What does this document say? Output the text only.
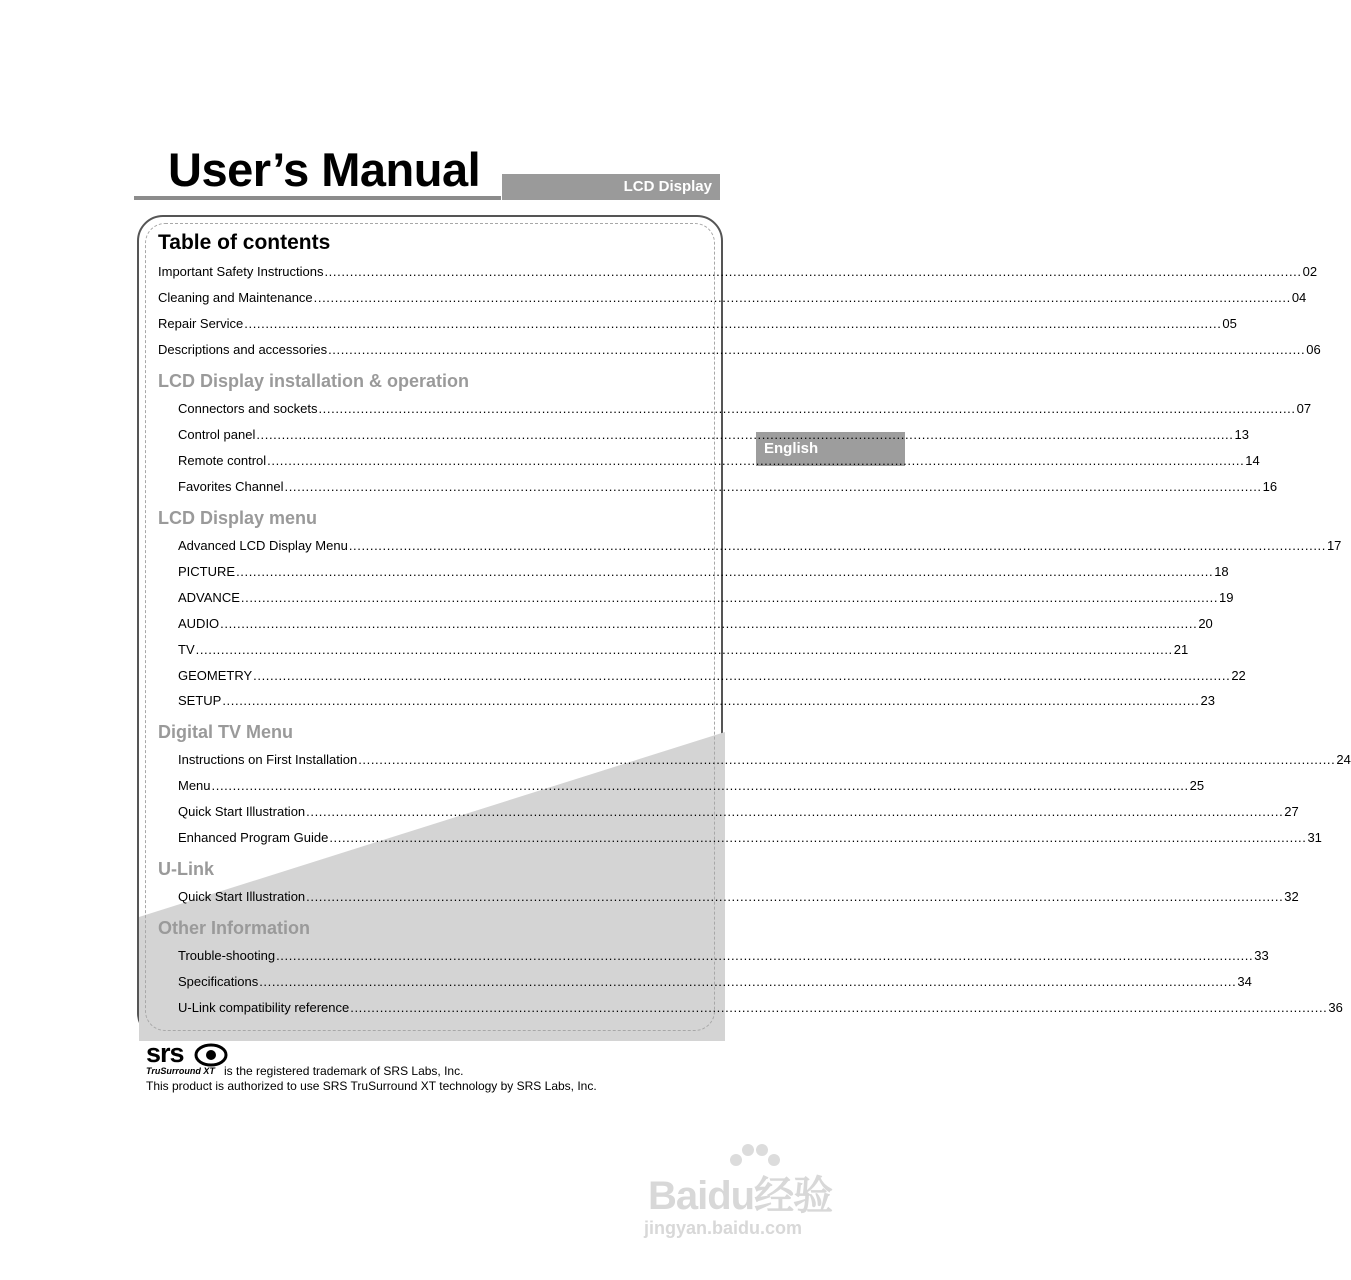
User’s Manual	LCD Display
English
Table of contents
Important Safety Instructions ........................................................................................................................................................................................................................................ 02
Cleaning and Maintenance ........................................................................................................................................................................................................................................ 04
Repair Service ........................................................................................................................................................................................................................................ 05
Descriptions and accessories ........................................................................................................................................................................................................................................ 06
LCD Display installation & operation
Connectors and sockets ........................................................................................................................................................................................................................................ 07
Control panel ........................................................................................................................................................................................................................................ 13
Remote control ........................................................................................................................................................................................................................................ 14
Favorites Channel ........................................................................................................................................................................................................................................ 16
LCD Display menu
Advanced LCD Display Menu ........................................................................................................................................................................................................................................ 17
PICTURE ........................................................................................................................................................................................................................................ 18
ADVANCE ........................................................................................................................................................................................................................................ 19
AUDIO ........................................................................................................................................................................................................................................ 20
TV ........................................................................................................................................................................................................................................ 21
GEOMETRY ........................................................................................................................................................................................................................................ 22
SETUP ........................................................................................................................................................................................................................................ 23
Digital TV Menu
Instructions on First Installation ........................................................................................................................................................................................................................................ 24
Menu ........................................................................................................................................................................................................................................ 25
Quick Start Illustration ........................................................................................................................................................................................................................................ 27
Enhanced Program Guide ........................................................................................................................................................................................................................................ 31
U-Link
Quick Start Illustration ........................................................................................................................................................................................................................................ 32
Other Information
Trouble-shooting ........................................................................................................................................................................................................................................ 33
Specifications ........................................................................................................................................................................................................................................ 34
U-Link compatibility reference ........................................................................................................................................................................................................................................ 36
srs
TruSurround XT is the registered trademark of SRS Labs, Inc.
This product is authorized to use SRS TruSurround XT technology by SRS Labs, Inc.
Baidu经验
jingyan.baidu.com
